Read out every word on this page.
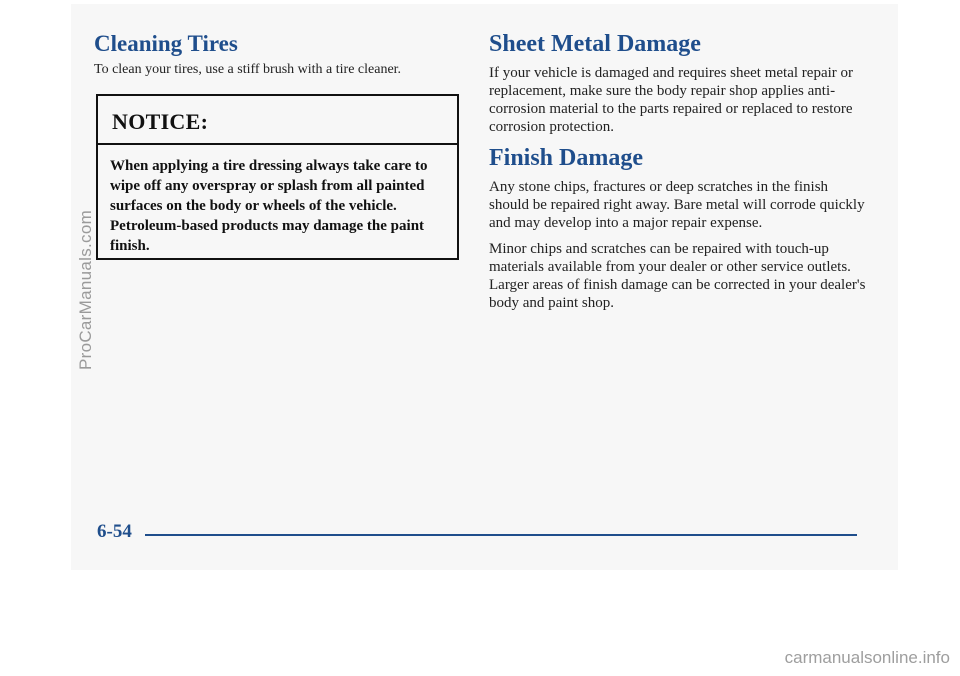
Cleaning Tires

To clean your tires, use a stiff brush with a tire cleaner.

NOTICE:
When applying a tire dressing always take care to wipe off any overspray or splash from all painted surfaces on the body or wheels of the vehicle. Petroleum-based products may damage the paint finish.
Sheet Metal Damage

If your vehicle is damaged and requires sheet metal repair or replacement, make sure the body repair shop applies anti-corrosion material to the parts repaired or replaced to restore corrosion protection.

Finish Damage

Any stone chips, fractures or deep scratches in the finish should be repaired right away. Bare metal will corrode quickly and may develop into a major repair expense.

Minor chips and scratches can be repaired with touch-up materials available from your dealer or other service outlets. Larger areas of finish damage can be corrected in your dealer's body and paint shop.

6-54
ProCarManuals.com
carmanualsonline.info
